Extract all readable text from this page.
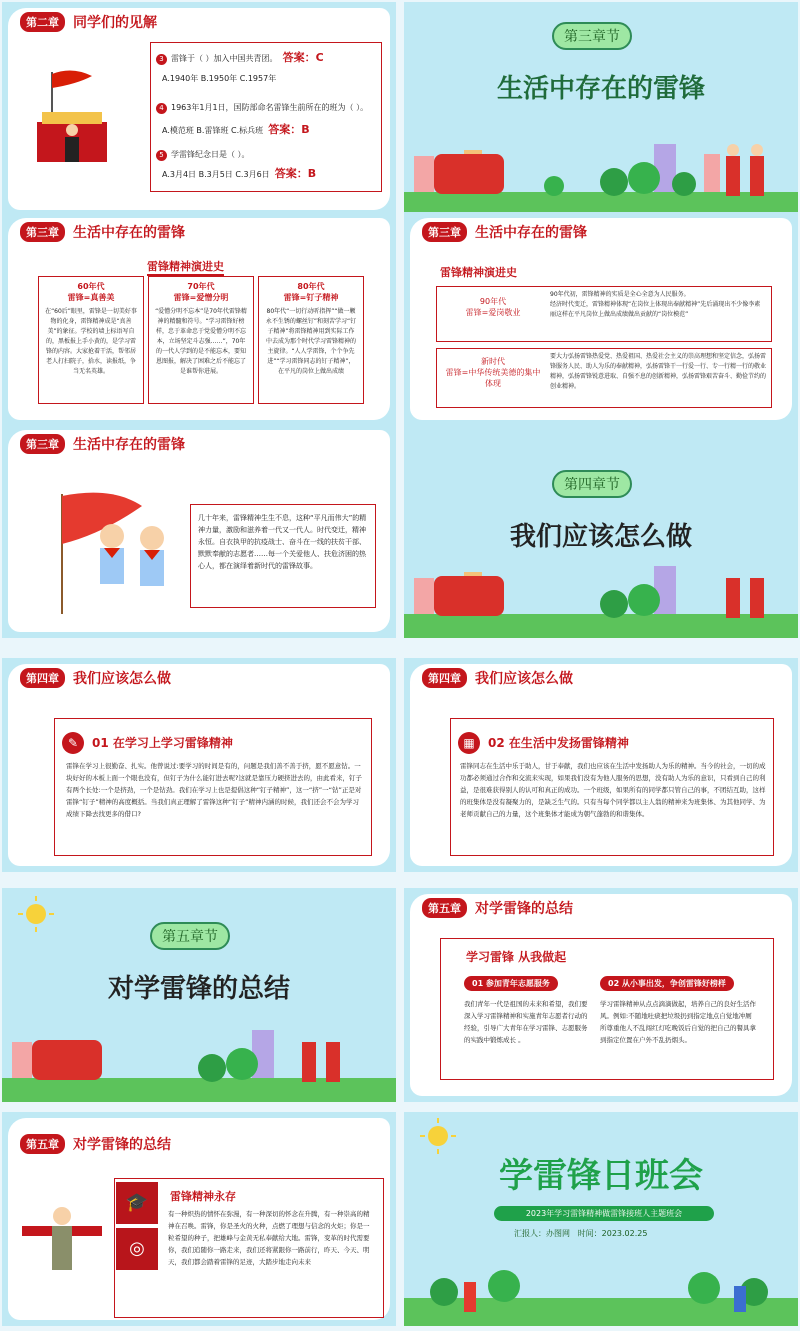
第二章	同学们的见解
3 雷锋于（ ）加入中国共青团。 答案：C
A.1940年 B.1950年 C.1957年
4 1963年1月1日，国防部命名雷锋生前所在的班为（ ）。
A.模范班 B.雷锋班 C.标兵班 答案：B
5 学雷锋纪念日是（ ）。
A.3月4日 B.3月5日 C.3月6日 答案：B
第三章节
生活中存在的雷锋
第三章	生活中存在的雷锋
雷锋精神演进史
60年代
雷锋=真善美
在“60后”眼里，雷锋是一切美好事物的化身，雷锋精神成是“真善美”的象征。学校的墙上标语写自的，黑板报上手小黄的，是学习雷锋的内容。大家抢着干活，帮邻居老人打扫院子，拾水，读报纸，争当无名英雄。
70年代
雷锋=爱憎分明
“爱憎分明不忘本”是70年代雷锋精神的精髓和符号。“学习雷锋好榜样，忠于革命忠于党爱憎分明不忘本，立场坚定斗志强……”，70年的一代人学到的是不能忘本，要知恩图报，解决了困难之后不能忘了是谁帮你进展。
80年代
雷锋=钉子精神
80年代“一切行动听指挥”“做一颗永不生锈的螺丝钉”和刻苦学习“钉子精神”将雷锋精神用到实际工作中去成为那个时代学习雷锋精神的主旋律。“人人学雷锋，个个争先进”“学习雷锋同志的钉子精神”，在平凡的岗位上做出成绩
第三章	生活中存在的雷锋
雷锋精神演进史
90年代
雷锋=爱岗敬业
90年代初，雷锋精神的实质是全心全意为人民服务。
经济时代变迁，雷锋精神体现“在岗位上体现出奉献精神”先后涌现出不少像李素丽这样在平凡岗位上做出成绩做出贡献的“岗位模范”
新时代
雷锋=中华传统美德的集中体现
要大力弘扬雷锋热爱党、热爱祖国、热爱社会主义的崇高理想和坚定信念，弘扬雷锋服务人民、助人为乐的奉献精神，弘扬雷锋干一行爱一行、专一行精一行的敬业精神，弘扬雷锋锐意进取、自强不息的创新精神，弘扬雷锋艰苦奋斗、勤俭节约的创业精神。
第三章	生活中存在的雷锋
几十年来，雷锋精神生生不息，这种“平凡而伟大”的精神力量，激励和滋养着一代又一代人。时代变迁，精神永恒。自衣执甲的抗疫战士、奋斗在一线的扶贫干部、默默奉献的志愿者……每一个关爱他人、扶危济困的热心人，都在演绎着新时代的雷锋故事。
第四章节
我们应该怎么做
第四章	我们应该怎么做
✎	01 在学习上学习雷锋精神
雷锋在学习上很勤奋、扎实。他曾说过:要学习的时间是有的，问题是我们善不善于挤，愿不愿意钻。一块好好的木板上面一个眼也没有，但钉子为什么能钉进去呢?这就是靠压力硬挤进去的，由此看来，钉子有两个长处:一个是挤劲，一个是钻劲。我们在学习上也是提倡这种“钉子精神”，这一“挤”一“钻”正是对雷锋“钉子”精神的高度概括。当我们真正理解了雷锋这种“钉子”精神内涵的时候，我们还会不会为学习成绩下降去找更多的借口?
第四章	我们应该怎么做
▦	02 在生活中发扬雷锋精神
雷锋同志在生活中乐于助人，甘于奉献，我们也应该在生活中发扬助人为乐的精神。当今的社会，一切的成功都必须通过合作和交流来实现，如果我们没有为他人服务的思想，没有助人为乐的意识，只看到自己的利益，是很难获得别人的认可和真正的成功。一个班级，如果所有的同学都只管自己的事，不团结互助，这样的班集体是没有凝聚力的，是缺乏生气的。只有当每个同学都以主人翁的精神来为班集体、为其他同学、为老师贡献自己的力量，这个班集体才能成为朝气蓬勃的和谐集体。
第五章节
对学雷锋的总结
第五章	对学雷锋的总结
学习雷锋 从我做起
01 参加青年志愿服务	02 从小事出发，争创雷锋好榜样
我们青年一代是祖国的未来和希望，我们要深入学习雷锋精神和实施青年志愿者行动的经验，引导广大青年在学习雷锋、志愿服务的实践中锻炼成长 。
学习雷锋精神从点点滴滴做起，培养自己的良好生活作风。例如:不随地吐痰把垃圾扔到指定地点自觉地冲厕所尊重他人不乱闯红灯吃晚饭后自觉的把自己的餐具拿到指定位置在户外不乱扔烟头。
第五章	对学雷锋的总结
🎓
◎
雷锋精神永存
有一种炽热的情怀在弥漫，有一种深切的怀念在升腾，有一种崇高的精神在召唤。雷锋，你是圣火的火种，点燃了理想与信念的火炬；你是一粒希望的种子，把雄峰与金黄无私奉献给大地。雷锋，变革的时代需要你，我们追随你一路走来，我们还将紧跟你一路前行，昨天、今天、明天，我们都会踏着雷锋的足迹，大踏步地走向未来
学雷锋日班会
2023年学习雷锋精神做雷锋接班人主题班会
汇报人：办图网 时间：2023.02.25
